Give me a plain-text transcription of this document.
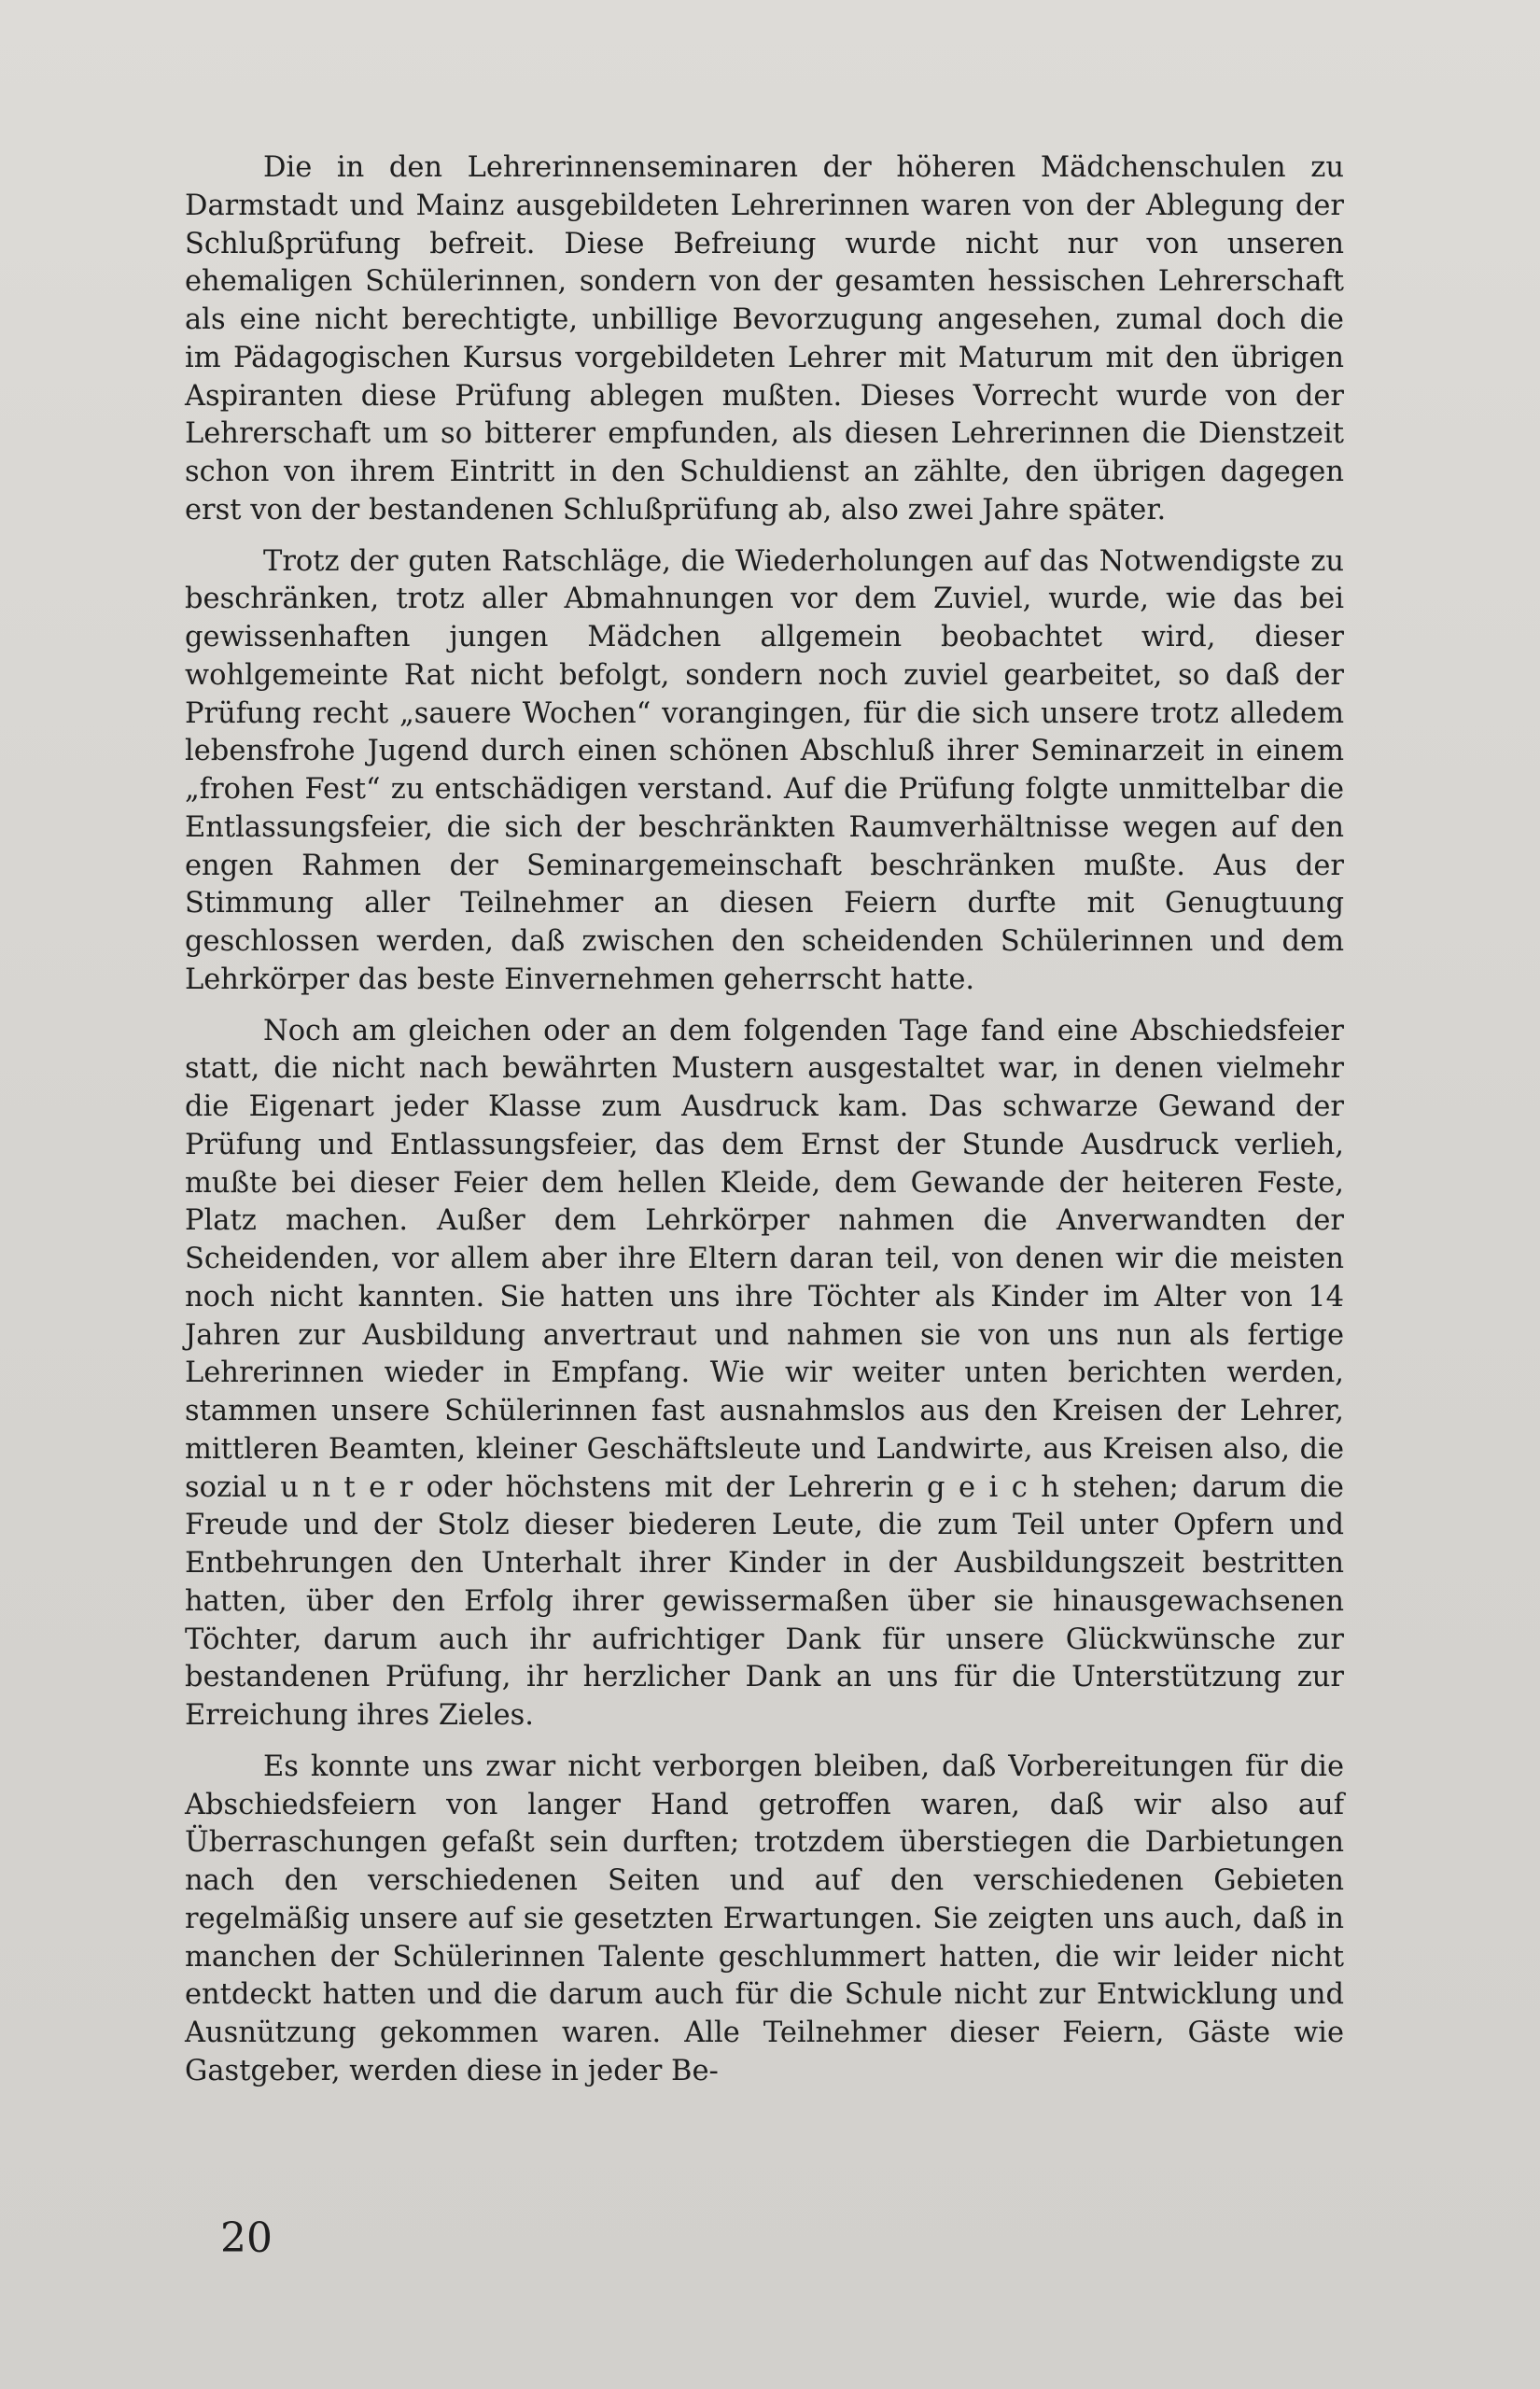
Die in den Lehrerinnenseminaren der höheren Mädchenschulen zu Darmstadt und Mainz ausgebildeten Lehrerinnen waren von der Ablegung der Schlußprüfung befreit. Diese Befreiung wurde nicht nur von unseren ehemaligen Schülerinnen, sondern von der gesamten hessischen Lehrerschaft als eine nicht berechtigte, unbillige Bevorzugung angesehen, zumal doch die im Pädagogischen Kursus vorgebildeten Lehrer mit Maturum mit den übrigen Aspiranten diese Prüfung ablegen mußten. Dieses Vorrecht wurde von der Lehrerschaft um so bitterer empfunden, als diesen Lehrerinnen die Dienstzeit schon von ihrem Eintritt in den Schuldienst an zählte, den übrigen dagegen erst von der bestandenen Schlußprüfung ab, also zwei Jahre später.

Trotz der guten Ratschläge, die Wiederholungen auf das Notwendigste zu beschränken, trotz aller Abmahnungen vor dem Zuviel, wurde, wie das bei gewissenhaften jungen Mädchen allgemein beobachtet wird, dieser wohlgemeinte Rat nicht befolgt, sondern noch zuviel gearbeitet, so daß der Prüfung recht „sauere Wochen“ vorangingen, für die sich unsere trotz alledem lebensfrohe Jugend durch einen schönen Abschluß ihrer Seminarzeit in einem „frohen Fest“ zu entschädigen verstand. Auf die Prüfung folgte unmittelbar die Entlassungsfeier, die sich der beschränkten Raumverhältnisse wegen auf den engen Rahmen der Seminargemeinschaft beschränken mußte. Aus der Stimmung aller Teilnehmer an diesen Feiern durfte mit Genugtuung geschlossen werden, daß zwischen den scheidenden Schülerinnen und dem Lehrkörper das beste Einvernehmen geherrscht hatte.

Noch am gleichen oder an dem folgenden Tage fand eine Abschiedsfeier statt, die nicht nach bewährten Mustern ausgestaltet war, in denen vielmehr die Eigenart jeder Klasse zum Ausdruck kam. Das schwarze Gewand der Prüfung und Entlassungsfeier, das dem Ernst der Stunde Ausdruck verlieh, mußte bei dieser Feier dem hellen Kleide, dem Gewande der heiteren Feste, Platz machen. Außer dem Lehrkörper nahmen die Anverwandten der Scheidenden, vor allem aber ihre Eltern daran teil, von denen wir die meisten noch nicht kannten. Sie hatten uns ihre Töchter als Kinder im Alter von 14 Jahren zur Ausbildung anvertraut und nahmen sie von uns nun als fertige Lehrerinnen wieder in Empfang. Wie wir weiter unten berichten werden, stammen unsere Schülerinnen fast ausnahmslos aus den Kreisen der Lehrer, mittleren Beamten, kleiner Geschäftsleute und Landwirte, aus Kreisen also, die sozial u n t e r oder höchstens mit der Lehrerin g e i c h stehen; darum die Freude und der Stolz dieser biederen Leute, die zum Teil unter Opfern und Entbehrungen den Unterhalt ihrer Kinder in der Ausbildungszeit bestritten hatten, über den Erfolg ihrer gewissermaßen über sie hinausgewachsenen Töchter, darum auch ihr aufrichtiger Dank für unsere Glückwünsche zur bestandenen Prüfung, ihr herzlicher Dank an uns für die Unterstützung zur Erreichung ihres Zieles.

Es konnte uns zwar nicht verborgen bleiben, daß Vorbereitungen für die Abschiedsfeiern von langer Hand getroffen waren, daß wir also auf Überraschungen gefaßt sein durften; trotzdem überstiegen die Darbietungen nach den verschiedenen Seiten und auf den verschiedenen Gebieten regelmäßig unsere auf sie gesetzten Erwartungen. Sie zeigten uns auch, daß in manchen der Schülerinnen Talente geschlummert hatten, die wir leider nicht entdeckt hatten und die darum auch für die Schule nicht zur Entwicklung und Ausnützung gekommen waren. Alle Teilnehmer dieser Feiern, Gäste wie Gastgeber, werden diese in jeder Be-

20
